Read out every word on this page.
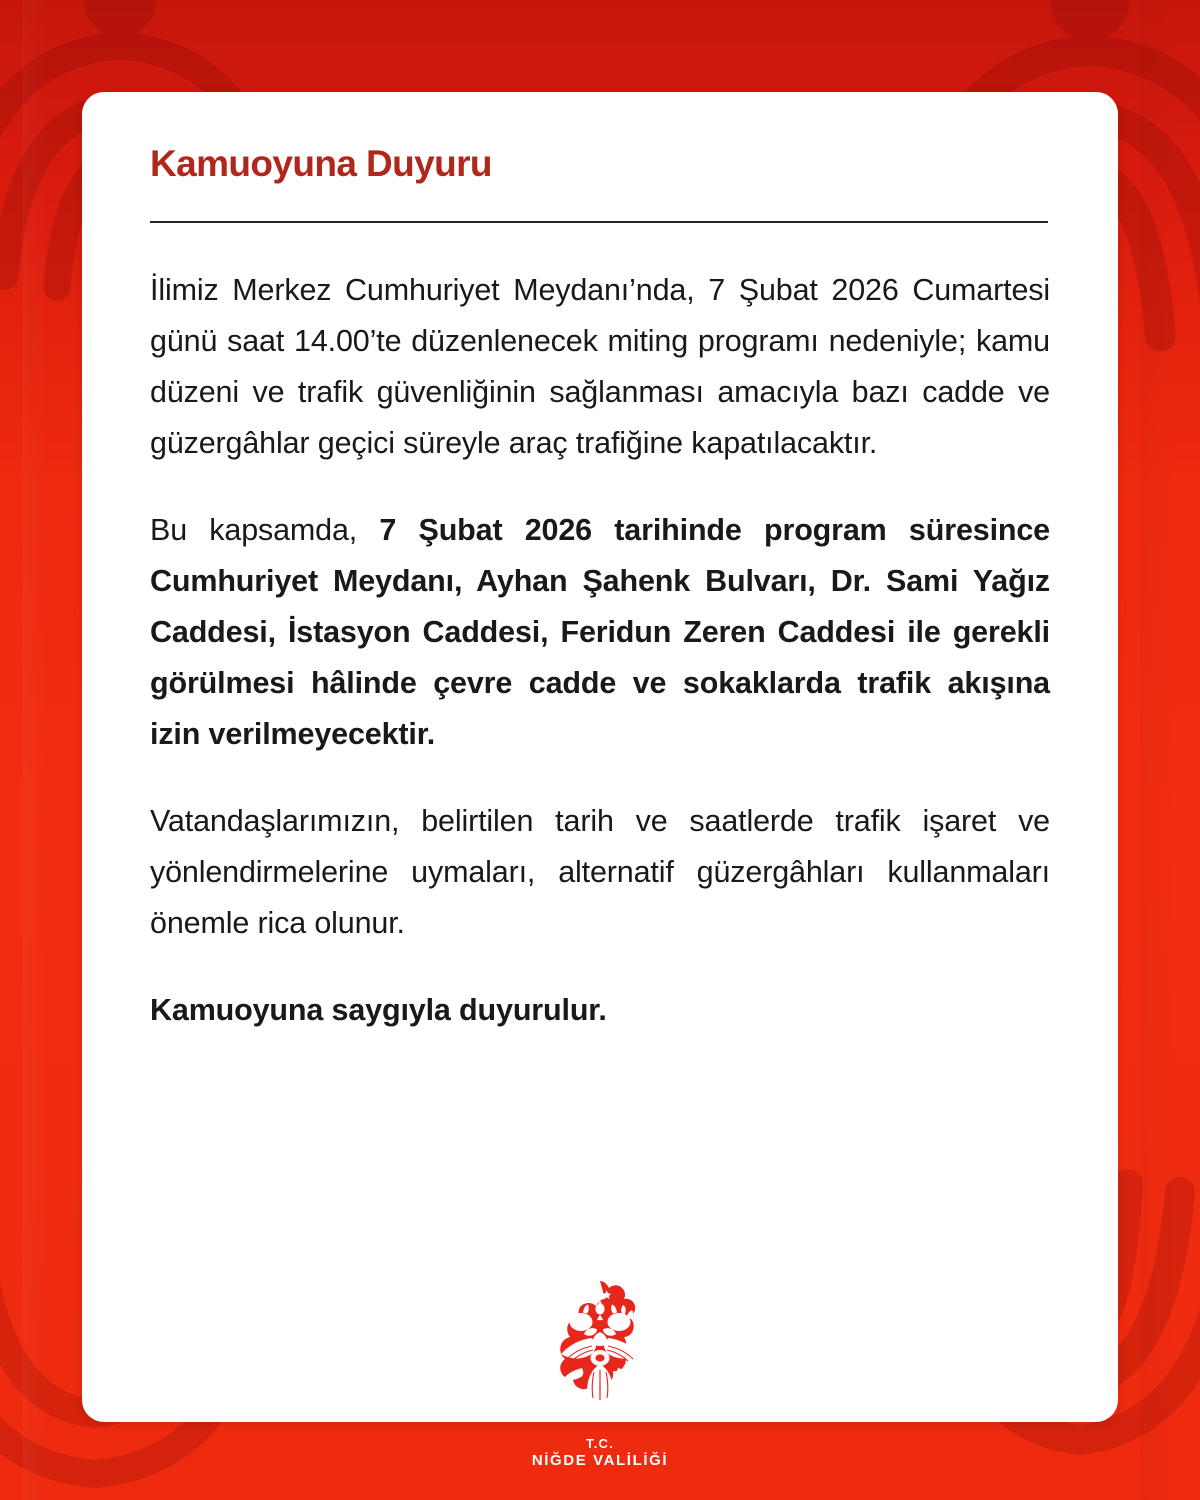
Kamuoyuna Duyuru

İlimiz Merkez Cumhuriyet Meydanı’nda, 7 Şubat 2026 Cumartesi günü saat 14.00’te düzenlenecek miting programı nedeniyle; kamu düzeni ve trafik güvenliğinin sağlanması amacıyla bazı cadde ve güzergâhlar geçici süreyle araç trafiğine kapatılacaktır.

Bu kapsamda, 7 Şubat 2026 tarihinde program süresince Cumhuriyet Meydanı, Ayhan Şahenk Bulvarı, Dr. Sami Yağız Caddesi, İstasyon Caddesi, Feridun Zeren Caddesi ile gerekli görülmesi hâlinde çevre cadde ve sokaklarda trafik akışına izin verilmeyecektir.

Vatandaşlarımızın, belirtilen tarih ve saatlerde trafik işaret ve yönlendirmelerine uymaları, alternatif güzergâhları kullanmaları önemle rica olunur.

Kamuoyuna saygıyla duyurulur.

T.C.
NİĞDE VALİLİĞİ
